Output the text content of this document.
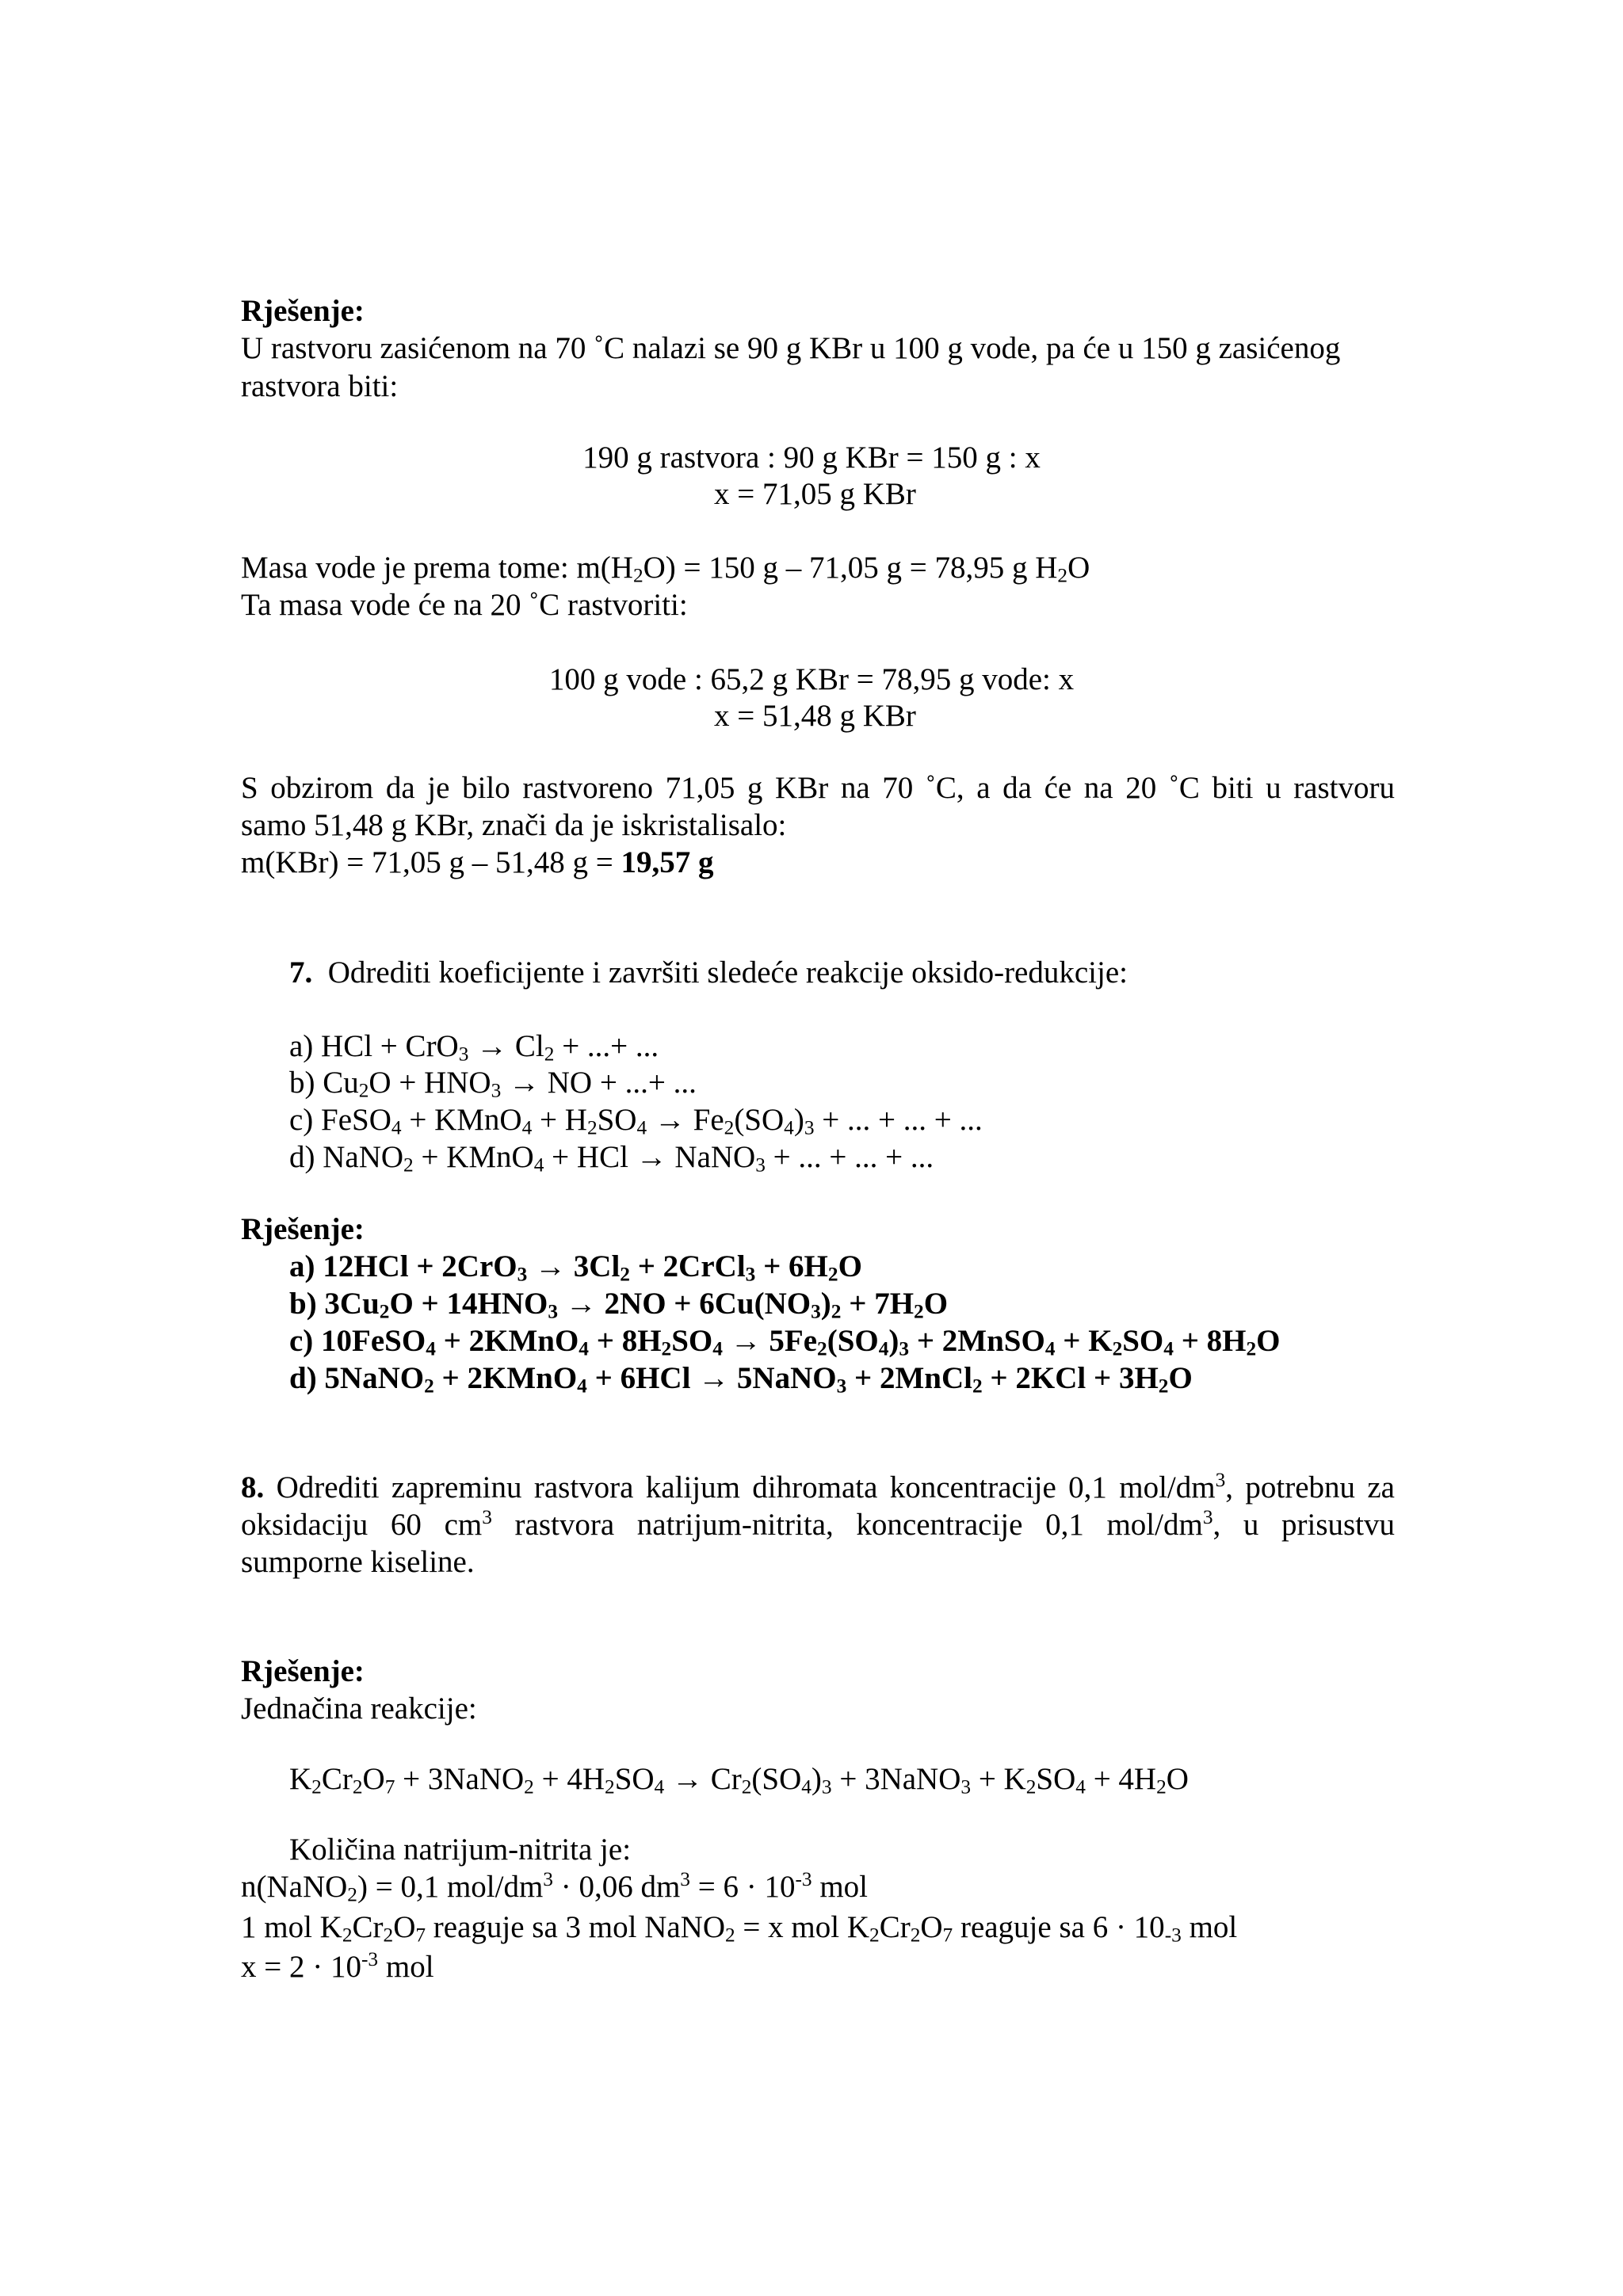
Rješenje:
U rastvoru zasićenom na 70 ˚C nalazi se 90 g KBr u 100 g vode, pa će u 150 g zasićenog
rastvora biti:
190 g rastvora : 90 g KBr = 150 g : x
x = 71,05 g KBr
Masa vode je prema tome: $m(H_2O) = 150$ g – 71,05 g = 78,95 g $H_2O$
Ta masa vode će na 20 ˚C rastvoriti:
100 g vode : 65,2 g KBr = 78,95 g vode: x
x = 51,48 g KBr
S obzirom da je bilo rastvoreno 71,05 g KBr na 70 ˚C, a da će na 20 ˚C biti u rastvoru
samo 51,48 g KBr, znači da je iskristalisalo:
m(KBr) = 71,05 g – 51,48 g = 19,57 g
7. Odrediti koeficijente i završiti sledeće reakcije oksido-redukcije:
a) HCl + $CrO_3 \to Cl_2$ + ...+ ...
b) $Cu_2O + HNO_3$ → NO + ...+ ...
c) FeSO$_4$ + KMnO$_4$ + $H_2SO_4 \to Fe_2(SO_4)_3$ + ... + ... + ...
d) NaNO$_2$ + KMnO$_4$ + HCl → NaNO$_3$ + ... + ... + ...
Rješenje:
a) $12HCl + 2CrO_3 \to 3Cl_2$ + 2CrCl$_3$ + $6H_2O$
b) $3Cu_2O + 14HNO_3 \to 2NO + 6Cu(NO_3)_2 + 7H_2O$
c) 10FeSO$_4$ + 2KMnO$_4$ + $8H_2SO_4 \to 5Fe_2(SO_4)_3$ + 2MnSO$_4$ + $K_2SO_4 + 8H_2O$
d) 5NaNO$_2$ + 2KMnO$_4$ + 6HCl → 5NaNO$_3$ + 2MnCl$_2$ + $2KCl + 3H_2O$
8. Odrediti zapreminu rastvora kalijum dihromata koncentracije 0,1 mol/$dm^3$, potrebnu za
oksidaciju 60 $cm^3$ rastvora natrijum-nitrita, koncentracije 0,1 mol/$dm^3$, u prisustvu
sumporne kiseline.
Rješenje:
Jednačina reakcije:
$K_2Cr_2O_7$ + 3NaNO$_2$ + $4H_2SO_4 \to Cr_2(SO_4)_3$ + 3NaNO$_3$ + $K_2SO_4 + 4H_2O$
Količina natrijum-nitrita je:
n(NaNO$_2$) = 0,1 mol/$dm^3 \cdot 0,06$ $dm^3 = 6 \cdot 10^{-3}$ mol
1 mol $K_2Cr_2O_7$ reaguje sa 3 mol NaNO$_2$ = x mol $K_2Cr_2O_7$ reaguje sa $6 \cdot 10_{-3}$ mol
$x = 2 \cdot 10^{-3}$ mol
